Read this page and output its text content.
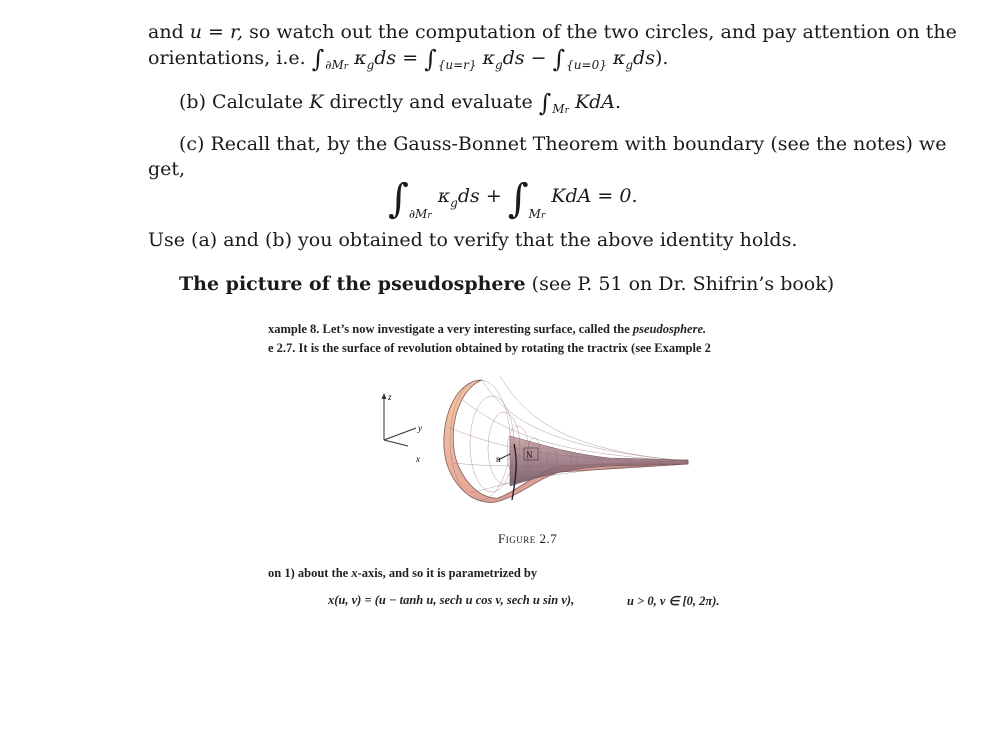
and u = r, so watch out the computation of the two circles, and pay attention on the
orientations, i.e. $\int_{\partial Mr}$ $\kappa_gds = \int_{\{u=r\}}$ $\kappa_gds - \int_{\{u=0\}}$ $\kappa_gds$).
(b) Calculate K directly and evaluate $\int_{Mr}$ KdA.
(c) Recall that, by the Gauss-Bonnet Theorem with boundary (see the notes) we
get,
$\int_{\partial Mr}$ $\kappa_gds + \int_{Mr}$ KdA = 0.
Use (a) and (b) you obtained to verify that the above identity holds.
The picture of the pseudosphere (see P. 51 on Dr. Shifrin’s book)
xample 8. Let’s now investigate a very interesting surface, called the pseudosphere.
e 2.7. It is the surface of revolution obtained by rotating the tractrix (see Example 2
z
y
x	n	N
Figure 2.7
on 1) about the x-axis, and so it is parametrized by
x(u, v) = (u − tanh u, sech u cos v, sech u sin v),	u > 0, v ∈ [0, 2π).
